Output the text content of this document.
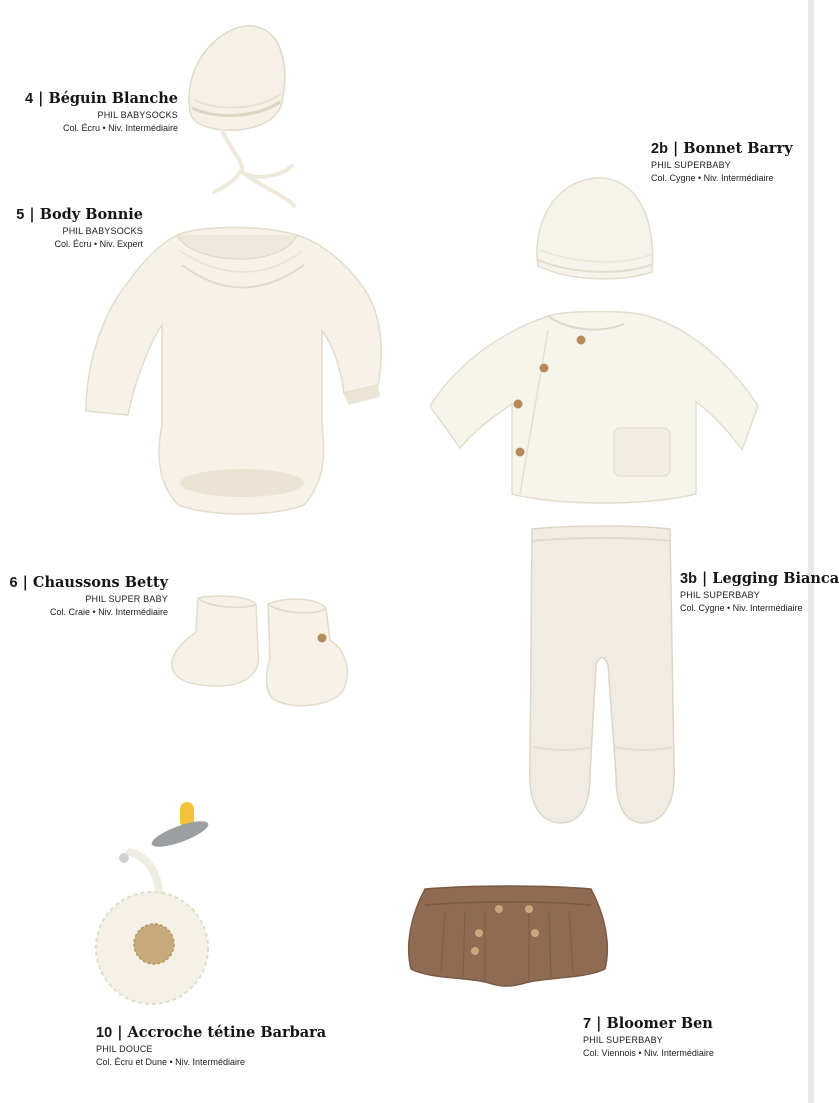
4 | Béguin Blanche
PHIL BABYSOCKS
Col. Écru • Niv. Intermédiaire
5 | Body Bonnie
PHIL BABYSOCKS
Col. Écru • Niv. Expert
2b | Bonnet Barry
PHIL SUPERBABY
Col. Cygne • Niv. Intermédiaire
6 | Chaussons Betty
PHIL SUPER BABY
Col. Craie • Niv. Intermédiaire
3b | Legging Bianca
PHIL SUPERBABY
Col. Cygne • Niv. Intermédiaire
10 | Accroche tétine Barbara
PHIL DOUCE
Col. Écru et Dune • Niv. Intermédiaire
7 | Bloomer Ben
PHIL SUPERBABY
Col. Viennois • Niv. Intermédiaire
